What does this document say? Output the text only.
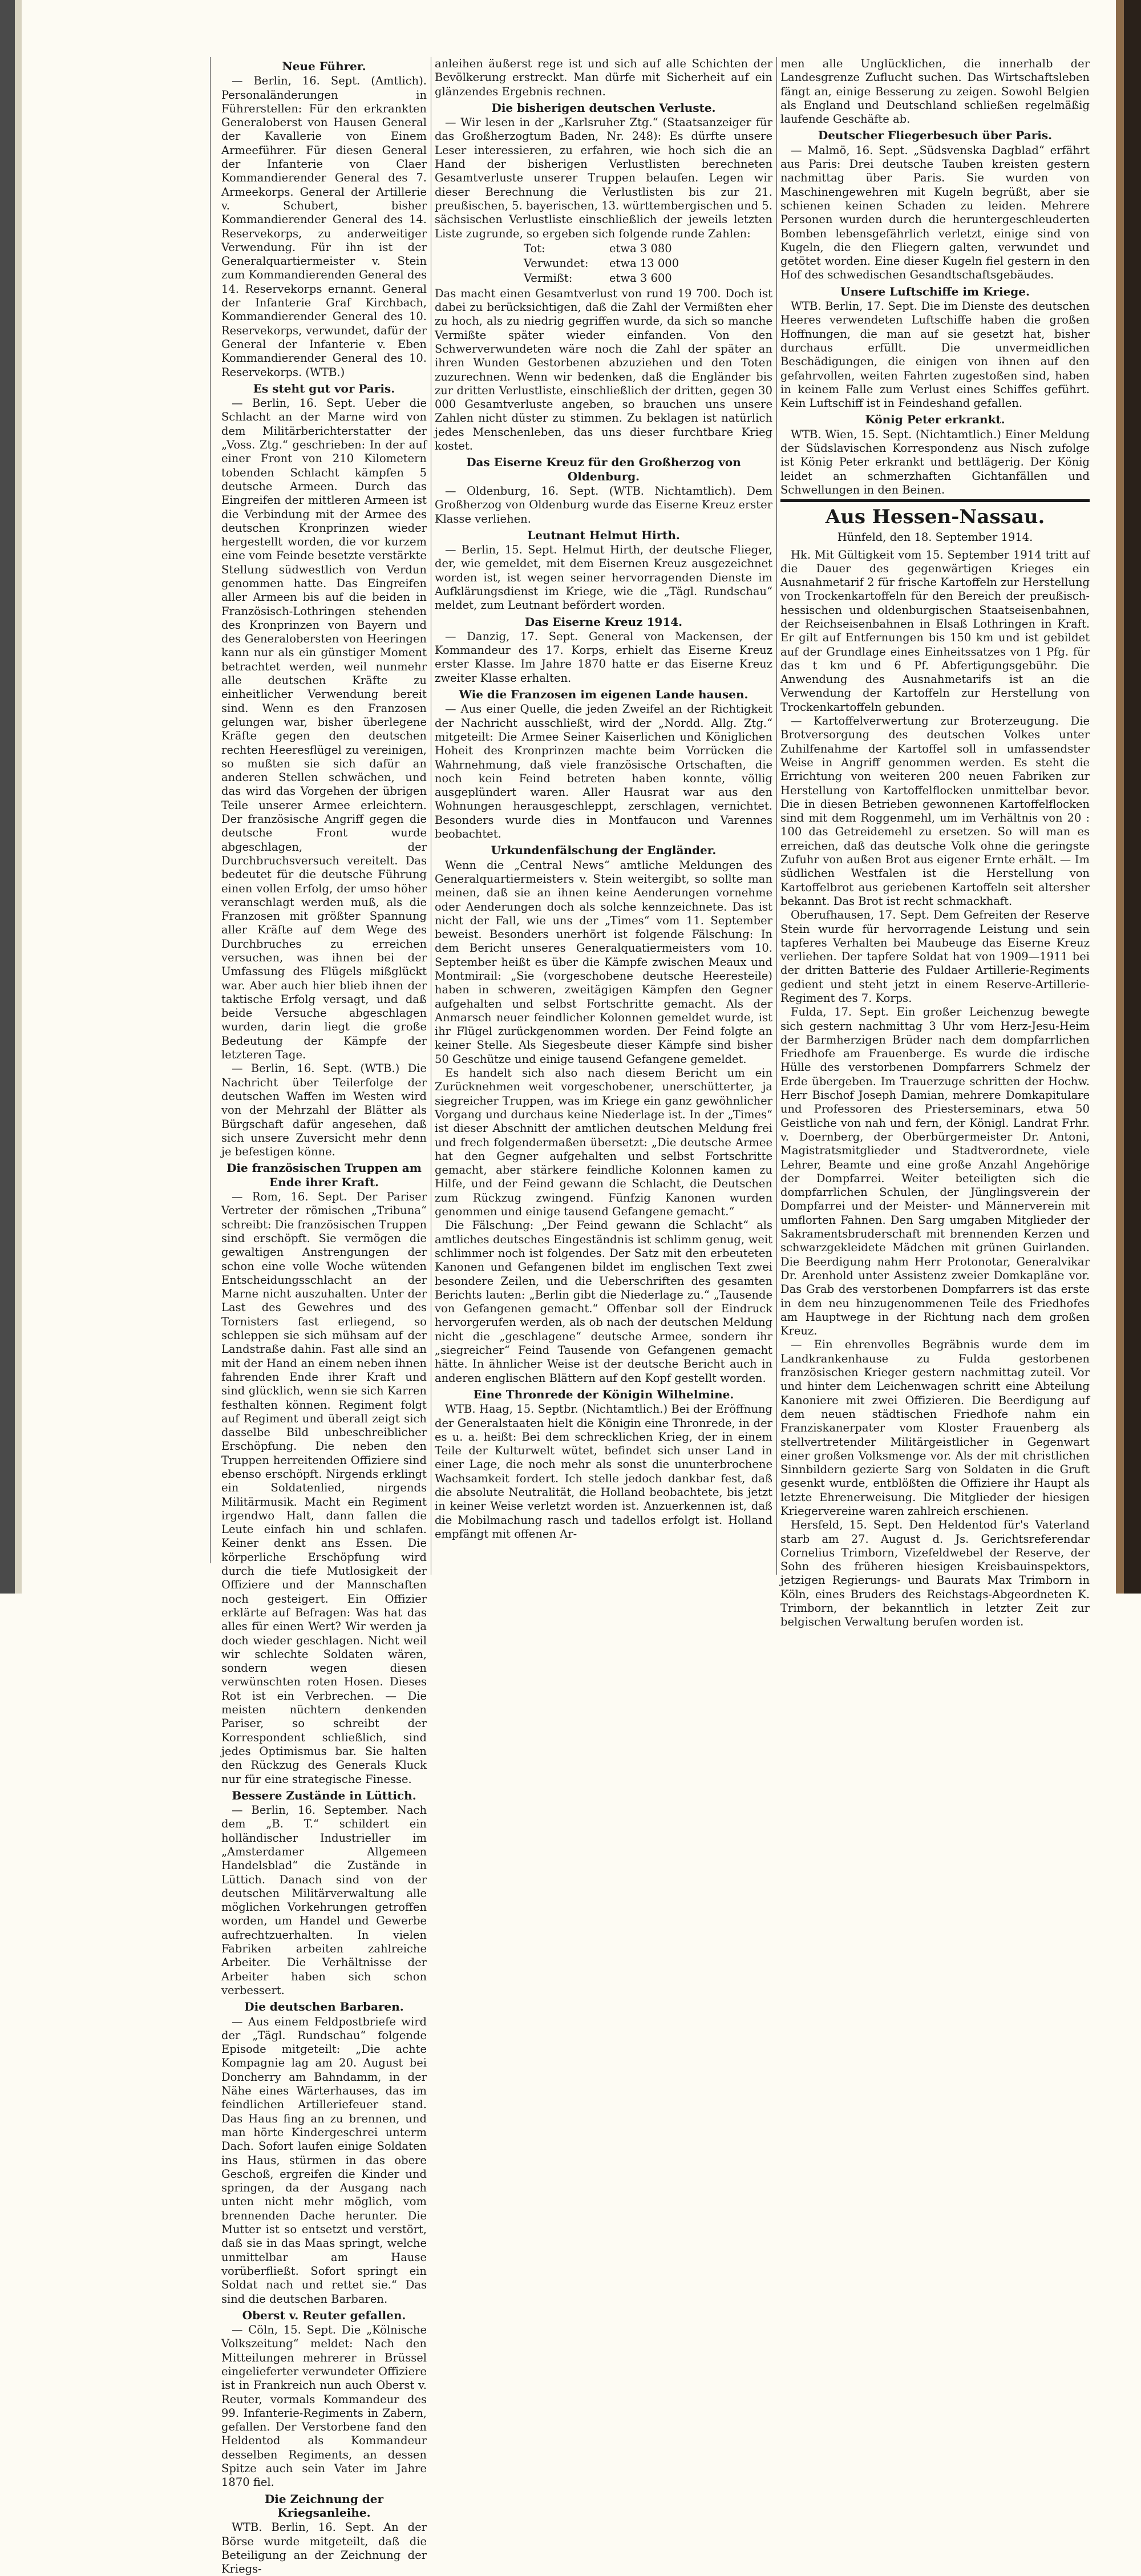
Neue Führer.

— Berlin, 16. Sept. (Amtlich). Personaländerungen in Führerstellen: Für den erkrankten Generaloberst von Hausen General der Kavallerie von Einem Armeeführer. Für diesen General der Infanterie von Claer Kommandierender General des 7. Armeekorps. General der Artillerie v. Schubert, bisher Kommandierender General des 14. Reservekorps, zu anderweitiger Verwendung. Für ihn ist der Generalquartiermeister v. Stein zum Kommandierenden General des 14. Reservekorps ernannt. General der Infanterie Graf Kirchbach, Kommandierender General des 10. Reservekorps, verwundet, dafür der General der Infanterie v. Eben Kommandierender General des 10. Reservekorps. (WTB.)

Es steht gut vor Paris.

— Berlin, 16. Sept. Ueber die Schlacht an der Marne wird von dem Militärberichterstatter der „Voss. Ztg.“ geschrieben: In der auf einer Front von 210 Kilometern tobenden Schlacht kämpfen 5 deutsche Armeen. Durch das Eingreifen der mittleren Armeen ist die Verbindung mit der Armee des deutschen Kronprinzen wieder hergestellt worden, die vor kurzem eine vom Feinde besetzte verstärkte Stellung südwestlich von Verdun genommen hatte. Das Eingreifen aller Armeen bis auf die beiden in Französisch-Lothringen stehenden des Kronprinzen von Bayern und des Generalobersten von Heeringen kann nur als ein günstiger Moment betrachtet werden, weil nunmehr alle deutschen Kräfte zu einheitlicher Verwendung bereit sind. Wenn es den Franzosen gelungen war, bisher überlegene Kräfte gegen den deutschen rechten Heeresflügel zu vereinigen, so mußten sie sich dafür an anderen Stellen schwächen, und das wird das Vorgehen der übrigen Teile unserer Armee erleichtern. Der französische Angriff gegen die deutsche Front wurde abgeschlagen, der Durchbruchsversuch vereitelt. Das bedeutet für die deutsche Führung einen vollen Erfolg, der umso höher veranschlagt werden muß, als die Franzosen mit größter Spannung aller Kräfte auf dem Wege des Durchbruches zu erreichen versuchen, was ihnen bei der Umfassung des Flügels mißglückt war. Aber auch hier blieb ihnen der taktische Erfolg versagt, und daß beide Versuche abgeschlagen wurden, darin liegt die große Bedeutung der Kämpfe der letzteren Tage.

— Berlin, 16. Sept. (WTB.) Die Nachricht über Teilerfolge der deutschen Waffen im Westen wird von der Mehrzahl der Blätter als Bürgschaft dafür angesehen, daß sich unsere Zuversicht mehr denn je befestigen könne.

Die französischen Truppen am Ende ihrer Kraft.

— Rom, 16. Sept. Der Pariser Vertreter der römischen „Tribuna“ schreibt: Die französischen Truppen sind erschöpft. Sie vermögen die gewaltigen Anstrengungen der schon eine volle Woche wütenden Entscheidungsschlacht an der Marne nicht auszuhalten. Unter der Last des Gewehres und des Tornisters fast erliegend, so schleppen sie sich mühsam auf der Landstraße dahin. Fast alle sind an mit der Hand an einem neben ihnen fahrenden Ende ihrer Kraft und sind glücklich, wenn sie sich Karren festhalten können. Regiment folgt auf Regiment und überall zeigt sich dasselbe Bild unbeschreiblicher Erschöpfung. Die neben den Truppen herreitenden Offiziere sind ebenso erschöpft. Nirgends erklingt ein Soldatenlied, nirgends Militärmusik. Macht ein Regiment irgendwo Halt, dann fallen die Leute einfach hin und schlafen. Keiner denkt ans Essen. Die körperliche Erschöpfung wird durch die tiefe Mutlosigkeit der Offiziere und der Mannschaften noch gesteigert. Ein Offizier erklärte auf Befragen: Was hat das alles für einen Wert? Wir werden ja doch wieder geschlagen. Nicht weil wir schlechte Soldaten wären, sondern wegen diesen verwünschten roten Hosen. Dieses Rot ist ein Verbrechen. — Die meisten nüchtern denkenden Pariser, so schreibt der Korrespondent schließlich, sind jedes Optimismus bar. Sie halten den Rückzug des Generals Kluck nur für eine strategische Finesse.

Bessere Zustände in Lüttich.

— Berlin, 16. September. Nach dem „B. T.“ schildert ein holländischer Industrieller im „Amsterdamer Allgemeen Handelsblad“ die Zustände in Lüttich. Danach sind von der deutschen Militärverwaltung alle möglichen Vorkehrungen getroffen worden, um Handel und Gewerbe aufrechtzuerhalten. In vielen Fabriken arbeiten zahlreiche Arbeiter. Die Verhältnisse der Arbeiter haben sich schon verbessert.

Die deutschen Barbaren.

— Aus einem Feldpostbriefe wird der „Tägl. Rundschau“ folgende Episode mitgeteilt: „Die achte Kompagnie lag am 20. August bei Doncherry am Bahndamm, in der Nähe eines Wärterhauses, das im feindlichen Artilleriefeuer stand. Das Haus fing an zu brennen, und man hörte Kindergeschrei unterm Dach. Sofort laufen einige Soldaten ins Haus, stürmen in das obere Geschoß, ergreifen die Kinder und springen, da der Ausgang nach unten nicht mehr möglich, vom brennenden Dache herunter. Die Mutter ist so entsetzt und verstört, daß sie in das Maas springt, welche unmittelbar am Hause vorüberfließt. Sofort springt ein Soldat nach und rettet sie.“ Das sind die deutschen Barbaren.

Oberst v. Reuter gefallen.

— Cöln, 15. Sept. Die „Kölnische Volkszeitung“ meldet: Nach den Mitteilungen mehrerer in Brüssel eingelieferter verwundeter Offiziere ist in Frankreich nun auch Oberst v. Reuter, vormals Kommandeur des 99. Infanterie-Regiments in Zabern, gefallen. Der Verstorbene fand den Heldentod als Kommandeur desselben Regiments, an dessen Spitze auch sein Vater im Jahre 1870 fiel.

Die Zeichnung der Kriegsanleihe.

WTB. Berlin, 16. Sept. An der Börse wurde mitgeteilt, daß die Beteiligung an der Zeichnung der Kriegs-

anleihen äußerst rege ist und sich auf alle Schichten der Bevölkerung erstreckt. Man dürfe mit Sicherheit auf ein glänzendes Ergebnis rechnen.

Die bisherigen deutschen Verluste.

— Wir lesen in der „Karlsruher Ztg.“ (Staatsanzeiger für das Großherzogtum Baden, Nr. 248): Es dürfte unsere Leser interessieren, zu erfahren, wie hoch sich die an Hand der bisherigen Verlustlisten berechneten Gesamtverluste unserer Truppen belaufen. Legen wir dieser Berechnung die Verlustlisten bis zur 21. preußischen, 5. bayerischen, 13. württembergischen und 5. sächsischen Verlustliste einschließlich der jeweils letzten Liste zugrunde, so ergeben sich folgende runde Zahlen:

Tot:	etwa 3 080
Verwundet:	etwa 13 000
Vermißt:	etwa 3 600

Das macht einen Gesamtverlust von rund 19 700. Doch ist dabei zu berücksichtigen, daß die Zahl der Vermißten eher zu hoch, als zu niedrig gegriffen wurde, da sich so manche Vermißte später wieder einfanden. Von den Schwerverwundeten wäre noch die Zahl der später an ihren Wunden Gestorbenen abzuziehen und den Toten zuzurechnen. Wenn wir bedenken, daß die Engländer bis zur dritten Verlustliste, einschließlich der dritten, gegen 30 000 Gesamtverluste angeben, so brauchen uns unsere Zahlen nicht düster zu stimmen. Zu beklagen ist natürlich jedes Menschenleben, das uns dieser furchtbare Krieg kostet.

Das Eiserne Kreuz für den Großherzog von Oldenburg.

— Oldenburg, 16. Sept. (WTB. Nichtamtlich). Dem Großherzog von Oldenburg wurde das Eiserne Kreuz erster Klasse verliehen.

Leutnant Helmut Hirth.

— Berlin, 15. Sept. Helmut Hirth, der deutsche Flieger, der, wie gemeldet, mit dem Eisernen Kreuz ausgezeichnet worden ist, ist wegen seiner hervorragenden Dienste im Aufklärungsdienst im Kriege, wie die „Tägl. Rundschau“ meldet, zum Leutnant befördert worden.

Das Eiserne Kreuz 1914.

— Danzig, 17. Sept. General von Mackensen, der Kommandeur des 17. Korps, erhielt das Eiserne Kreuz erster Klasse. Im Jahre 1870 hatte er das Eiserne Kreuz zweiter Klasse erhalten.

Wie die Franzosen im eigenen Lande hausen.

— Aus einer Quelle, die jeden Zweifel an der Richtigkeit der Nachricht ausschließt, wird der „Nordd. Allg. Ztg.“ mitgeteilt: Die Armee Seiner Kaiserlichen und Königlichen Hoheit des Kronprinzen machte beim Vorrücken die Wahrnehmung, daß viele französische Ortschaften, die noch kein Feind betreten haben konnte, völlig ausgeplündert waren. Aller Hausrat war aus den Wohnungen herausgeschleppt, zerschlagen, vernichtet. Besonders wurde dies in Montfaucon und Varennes beobachtet.

Urkundenfälschung der Engländer.

Wenn die „Central News“ amtliche Meldungen des Generalquartiermeisters v. Stein weitergibt, so sollte man meinen, daß sie an ihnen keine Aenderungen vornehme oder Aenderungen doch als solche kennzeichnete. Das ist nicht der Fall, wie uns der „Times“ vom 11. September beweist. Besonders unerhört ist folgende Fälschung: In dem Bericht unseres Generalquatiermeisters vom 10. September heißt es über die Kämpfe zwischen Meaux und Montmirail: „Sie (vorgeschobene deutsche Heeresteile) haben in schweren, zweitägigen Kämpfen den Gegner aufgehalten und selbst Fortschritte gemacht. Als der Anmarsch neuer feindlicher Kolonnen gemeldet wurde, ist ihr Flügel zurückgenommen worden. Der Feind folgte an keiner Stelle. Als Siegesbeute dieser Kämpfe sind bisher 50 Geschütze und einige tausend Gefangene gemeldet.

Es handelt sich also nach diesem Bericht um ein Zurücknehmen weit vorgeschobener, unerschütterter, ja siegreicher Truppen, was im Kriege ein ganz gewöhnlicher Vorgang und durchaus keine Niederlage ist. In der „Times“ ist dieser Abschnitt der amtlichen deutschen Meldung frei und frech folgendermaßen übersetzt: „Die deutsche Armee hat den Gegner aufgehalten und selbst Fortschritte gemacht, aber stärkere feindliche Kolonnen kamen zu Hilfe, und der Feind gewann die Schlacht, die Deutschen zum Rückzug zwingend. Fünfzig Kanonen wurden genommen und einige tausend Gefangene gemacht.“

Die Fälschung: „Der Feind gewann die Schlacht“ als amtliches deutsches Eingeständnis ist schlimm genug, weit schlimmer noch ist folgendes. Der Satz mit den erbeuteten Kanonen und Gefangenen bildet im englischen Text zwei besondere Zeilen, und die Ueberschriften des gesamten Berichts lauten: „Berlin gibt die Niederlage zu.“ „Tausende von Gefangenen gemacht.“ Offenbar soll der Eindruck hervorgerufen werden, als ob nach der deutschen Meldung nicht die „geschlagene“ deutsche Armee, sondern ihr „siegreicher“ Feind Tausende von Gefangenen gemacht hätte. In ähnlicher Weise ist der deutsche Bericht auch in anderen englischen Blättern auf den Kopf gestellt worden.

Eine Thronrede der Königin Wilhelmine.

WTB. Haag, 15. Septbr. (Nichtamtlich.) Bei der Eröffnung der Generalstaaten hielt die Königin eine Thronrede, in der es u. a. heißt: Bei dem schrecklichen Krieg, der in einem Teile der Kulturwelt wütet, befindet sich unser Land in einer Lage, die noch mehr als sonst die ununterbrochene Wachsamkeit fordert. Ich stelle jedoch dankbar fest, daß die absolute Neutralität, die Holland beobachtete, bis jetzt in keiner Weise verletzt worden ist. Anzuerkennen ist, daß die Mobilmachung rasch und tadellos erfolgt ist. Holland empfängt mit offenen Ar-

men alle Unglücklichen, die innerhalb der Landesgrenze Zuflucht suchen. Das Wirtschaftsleben fängt an, einige Besserung zu zeigen. Sowohl Belgien als England und Deutschland schließen regelmäßig laufende Geschäfte ab.

Deutscher Fliegerbesuch über Paris.

— Malmö, 16. Sept. „Südsvenska Dagblad“ erfährt aus Paris: Drei deutsche Tauben kreisten gestern nachmittag über Paris. Sie wurden von Maschinengewehren mit Kugeln begrüßt, aber sie schienen keinen Schaden zu leiden. Mehrere Personen wurden durch die heruntergeschleuderten Bomben lebensgefährlich verletzt, einige sind von Kugeln, die den Fliegern galten, verwundet und getötet worden. Eine dieser Kugeln fiel gestern in den Hof des schwedischen Gesandtschaftsgebäudes.

Unsere Luftschiffe im Kriege.

WTB. Berlin, 17. Sept. Die im Dienste des deutschen Heeres verwendeten Luftschiffe haben die großen Hoffnungen, die man auf sie gesetzt hat, bisher durchaus erfüllt. Die unvermeidlichen Beschädigungen, die einigen von ihnen auf den gefahrvollen, weiten Fahrten zugestoßen sind, haben in keinem Falle zum Verlust eines Schiffes geführt. Kein Luftschiff ist in Feindeshand gefallen.

König Peter erkrankt.

WTB. Wien, 15. Sept. (Nichtamtlich.) Einer Meldung der Südslavischen Korrespondenz aus Nisch zufolge ist König Peter erkrankt und bettlägerig. Der König leidet an schmerzhaften Gichtanfällen und Schwellungen in den Beinen.

Aus Hessen-Nassau.
Hünfeld, den 18. September 1914.

Hk. Mit Gültigkeit vom 15. September 1914 tritt auf die Dauer des gegenwärtigen Krieges ein Ausnahmetarif 2 für frische Kartoffeln zur Herstellung von Trockenkartoffeln für den Bereich der preußisch-hessischen und oldenburgischen Staatseisenbahnen, der Reichseisenbahnen in Elsaß Lothringen in Kraft. Er gilt auf Entfernungen bis 150 km und ist gebildet auf der Grundlage eines Einheitssatzes von 1 Pfg. für das t km und 6 Pf. Abfertigungsgebühr. Die Anwendung des Ausnahmetarifs ist an die Verwendung der Kartoffeln zur Herstellung von Trockenkartoffeln gebunden.

— Kartoffelverwertung zur Broterzeugung. Die Brotversorgung des deutschen Volkes unter Zuhilfenahme der Kartoffel soll in umfassendster Weise in Angriff genommen werden. Es steht die Errichtung von weiteren 200 neuen Fabriken zur Herstellung von Kartoffelflocken unmittelbar bevor. Die in diesen Betrieben gewonnenen Kartoffelflocken sind mit dem Roggenmehl, um im Verhältnis von 20 : 100 das Getreidemehl zu ersetzen. So will man es erreichen, daß das deutsche Volk ohne die geringste Zufuhr von außen Brot aus eigener Ernte erhält. — Im südlichen Westfalen ist die Herstellung von Kartoffelbrot aus geriebenen Kartoffeln seit altersher bekannt. Das Brot ist recht schmackhaft.

Oberufhausen, 17. Sept. Dem Gefreiten der Reserve Stein wurde für hervorragende Leistung und sein tapferes Verhalten bei Maubeuge das Eiserne Kreuz verliehen. Der tapfere Soldat hat von 1909—1911 bei der dritten Batterie des Fuldaer Artillerie-Regiments gedient und steht jetzt in einem Reserve-Artillerie-Regiment des 7. Korps.

Fulda, 17. Sept. Ein großer Leichenzug bewegte sich gestern nachmittag 3 Uhr vom Herz-Jesu-Heim der Barmherzigen Brüder nach dem dompfarrlichen Friedhofe am Frauenberge. Es wurde die irdische Hülle des verstorbenen Dompfarrers Schmelz der Erde übergeben. Im Trauerzuge schritten der Hochw. Herr Bischof Joseph Damian, mehrere Domkapitulare und Professoren des Priesterseminars, etwa 50 Geistliche von nah und fern, der Königl. Landrat Frhr. v. Doernberg, der Oberbürgermeister Dr. Antoni, Magistratsmitglieder und Stadtverordnete, viele Lehrer, Beamte und eine große Anzahl Angehörige der Dompfarrei. Weiter beteiligten sich die dompfarrlichen Schulen, der Jünglingsverein der Dompfarrei und der Meister- und Männerverein mit umflorten Fahnen. Den Sarg umgaben Mitglieder der Sakramentsbruderschaft mit brennenden Kerzen und schwarzgekleidete Mädchen mit grünen Guirlanden. Die Beerdigung nahm Herr Protonotar, Generalvikar Dr. Arenhold unter Assistenz zweier Domkapläne vor. Das Grab des verstorbenen Dompfarrers ist das erste in dem neu hinzugenommenen Teile des Friedhofes am Hauptwege in der Richtung nach dem großen Kreuz.

— Ein ehrenvolles Begräbnis wurde dem im Landkrankenhause zu Fulda gestorbenen französischen Krieger gestern nachmittag zuteil. Vor und hinter dem Leichenwagen schritt eine Abteilung Kanoniere mit zwei Offizieren. Die Beerdigung auf dem neuen städtischen Friedhofe nahm ein Franziskanerpater vom Kloster Frauenberg als stellvertretender Militärgeistlicher in Gegenwart einer großen Volksmenge vor. Als der mit christlichen Sinnbildern gezierte Sarg von Soldaten in die Gruft gesenkt wurde, entblößten die Offiziere ihr Haupt als letzte Ehrenerweisung. Die Mitglieder der hiesigen Kriegervereine waren zahlreich erschienen.

Hersfeld, 15. Sept. Den Heldentod für's Vaterland starb am 27. August d. Js. Gerichtsreferendar Cornelius Trimborn, Vizefeldwebel der Reserve, der Sohn des früheren hiesigen Kreisbauinspektors, jetzigen Regierungs- und Baurats Max Trimborn in Köln, eines Bruders des Reichstags-Abgeordneten K. Trimborn, der bekanntlich in letzter Zeit zur belgischen Verwaltung berufen worden ist.
